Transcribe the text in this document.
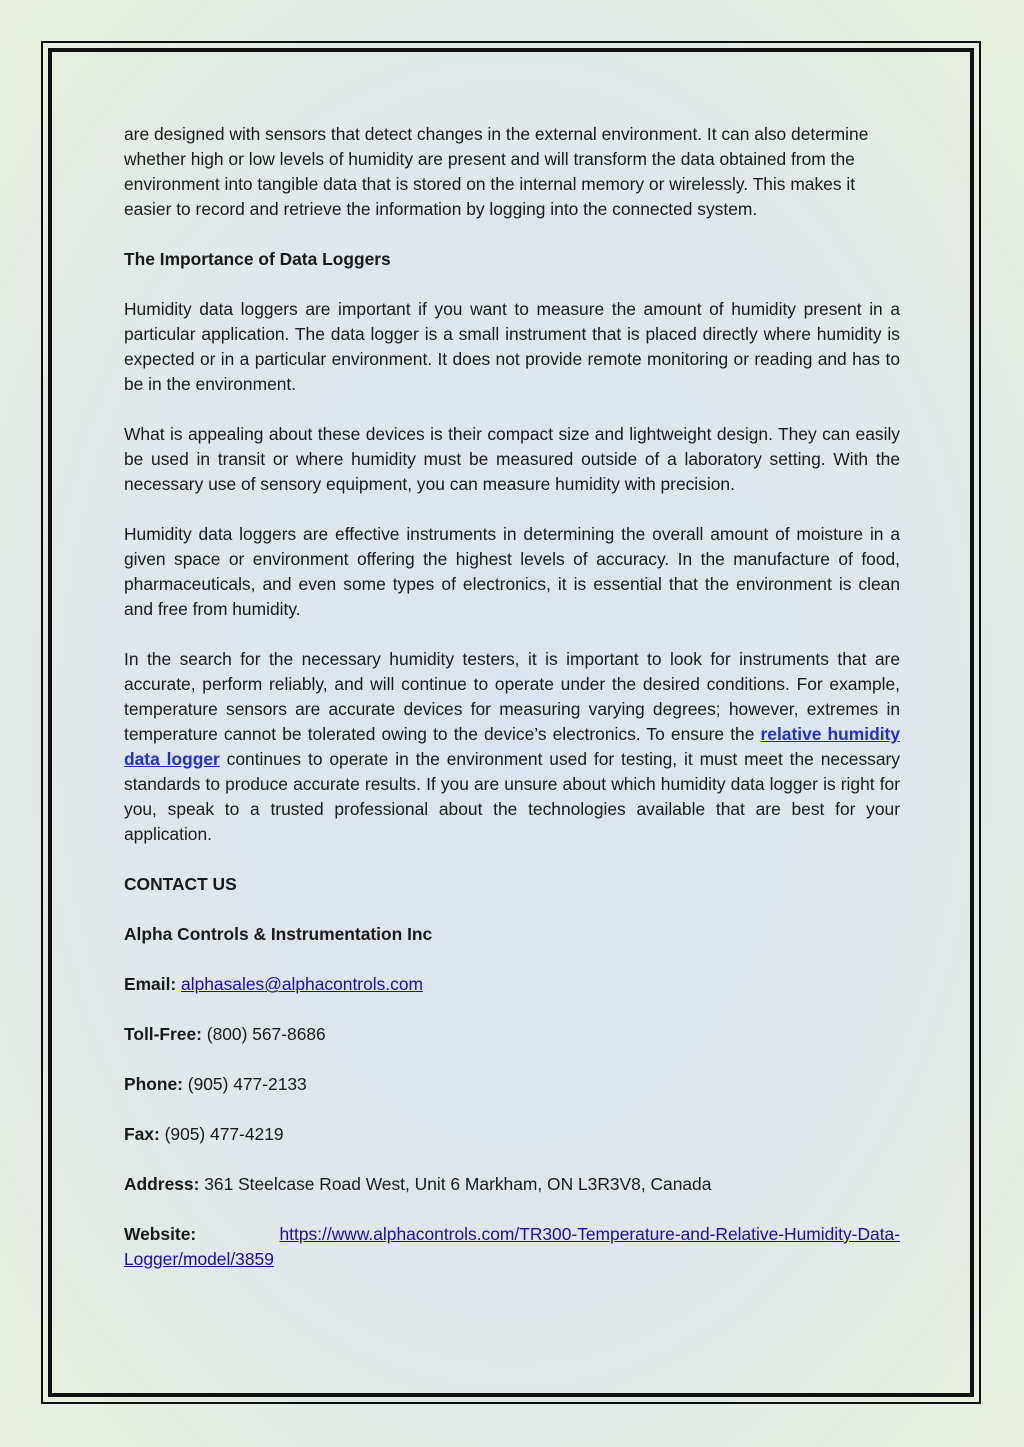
are designed with sensors that detect changes in the external environment. It can also determine whether high or low levels of humidity are present and will transform the data obtained from the environment into tangible data that is stored on the internal memory or wirelessly. This makes it easier to record and retrieve the information by logging into the connected system.

The Importance of Data Loggers

Humidity data loggers are important if you want to measure the amount of humidity present in a particular application. The data logger is a small instrument that is placed directly where humidity is expected or in a particular environment. It does not provide remote monitoring or reading and has to be in the environment.

What is appealing about these devices is their compact size and lightweight design. They can easily be used in transit or where humidity must be measured outside of a laboratory setting. With the necessary use of sensory equipment, you can measure humidity with precision.

Humidity data loggers are effective instruments in determining the overall amount of moisture in a given space or environment offering the highest levels of accuracy. In the manufacture of food, pharmaceuticals, and even some types of electronics, it is essential that the environment is clean and free from humidity.

In the search for the necessary humidity testers, it is important to look for instruments that are accurate, perform reliably, and will continue to operate under the desired conditions. For example, temperature sensors are accurate devices for measuring varying degrees; however, extremes in temperature cannot be tolerated owing to the device’s electronics. To ensure the relative humidity data logger continues to operate in the environment used for testing, it must meet the necessary standards to produce accurate results. If you are unsure about which humidity data logger is right for you, speak to a trusted professional about the technologies available that are best for your application.

CONTACT US

Alpha Controls & Instrumentation Inc

Email: alphasales@alphacontrols.com

Toll-Free: (800) 567-8686

Phone: (905) 477-2133

Fax: (905) 477-4219

Address: 361 Steelcase Road West, Unit 6 Markham, ON L3R3V8, Canada

Website:	https://www.alphacontrols.com/TR300-Temperature-and-Relative-Humidity-Data-Logger/model/3859
